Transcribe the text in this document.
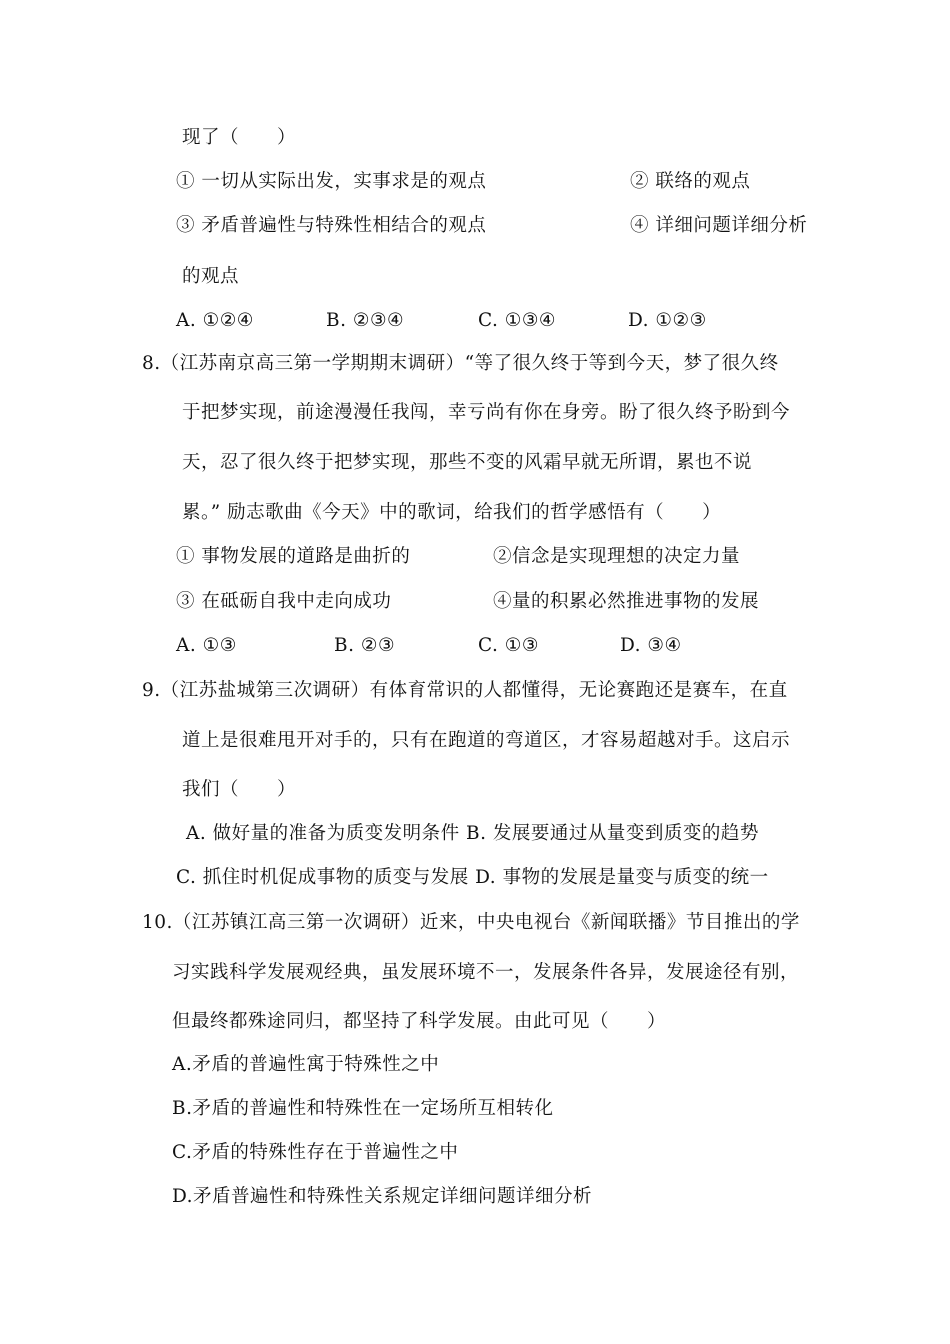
现了（　　）
① 一切从实际出发，实事求是的观点	② 联络的观点
③ 矛盾普遍性与特殊性相结合的观点	④ 详细问题详细分析
的观点
A. ①②④	B. ②③④	C. ①③④	D. ①②③
8.（江苏南京高三第一学期期末调研）“等了很久终于等到今天，梦了很久终
于把梦实现，前途漫漫任我闯，幸亏尚有你在身旁。盼了很久终予盼到今
天，忍了很久终于把梦实现，那些不变的风霜早就无所谓，累也不说
累。” 励志歌曲《今天》中的歌词，给我们的哲学感悟有（　　）
① 事物发展的道路是曲折的	②信念是实现理想的决定力量
③ 在砥砺自我中走向成功	④量的积累必然推进事物的发展
A. ①③	B. ②③	C. ①③	D. ③④
9.（江苏盐城第三次调研）有体育常识的人都懂得，无论赛跑还是赛车，在直
道上是很难甩开对手的，只有在跑道的弯道区，才容易超越对手。这启示
我们（　　）
A. 做好量的准备为质变发明条件 B. 发展要通过从量变到质变的趋势
C. 抓住时机促成事物的质变与发展 D. 事物的发展是量变与质变的统一
10.（江苏镇江高三第一次调研）近来，中央电视台《新闻联播》节目推出的学
习实践科学发展观经典，虽发展环境不一，发展条件各异，发展途径有别，
但最终都殊途同归，都坚持了科学发展。由此可见（　　）
A.矛盾的普遍性寓于特殊性之中
B.矛盾的普遍性和特殊性在一定场所互相转化
C.矛盾的特殊性存在于普遍性之中
D.矛盾普遍性和特殊性关系规定详细问题详细分析
